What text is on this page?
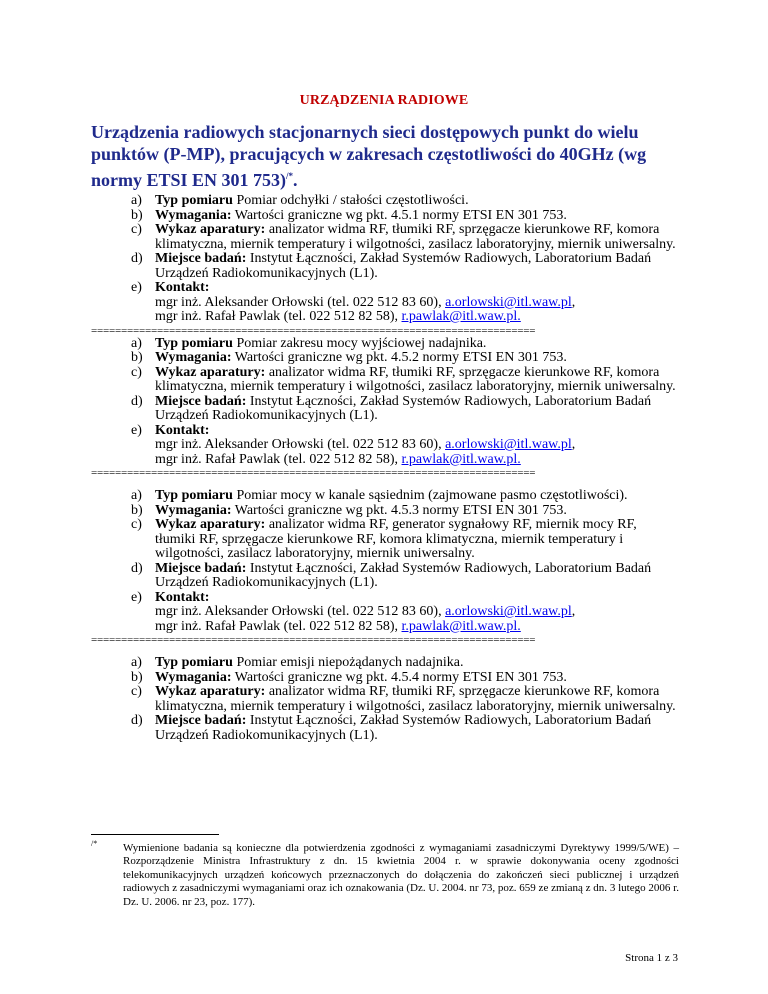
URZĄDZENIA RADIOWE
Urządzenia radiowych stacjonarnych sieci dostępowych punkt do wielu punktów (P-MP), pracujących w zakresach częstotliwości do 40GHz (wg normy ETSI EN 301 753)/*.
a) Typ pomiaru Pomiar odchyłki / stałości częstotliwości.
b) Wymagania: Wartości graniczne wg pkt. 4.5.1 normy ETSI EN 301 753.
c) Wykaz aparatury: analizator widma RF, tłumiki RF, sprzęgacze kierunkowe RF, komora klimatyczna, miernik temperatury i wilgotności, zasilacz laboratoryjny, miernik uniwersalny.
d) Miejsce badań: Instytut Łączności, Zakład Systemów Radiowych, Laboratorium Badań Urządzeń Radiokomunikacyjnych (L1).
e) Kontakt:
mgr inż. Aleksander Orłowski (tel. 022 512 83 60), a.orlowski@itl.waw.pl,
mgr inż. Rafał Pawlak (tel. 022 512 82 58), r.pawlak@itl.waw.pl.
==========================================================================
a) Typ pomiaru Pomiar zakresu mocy wyjściowej nadajnika.
b) Wymagania: Wartości graniczne wg pkt. 4.5.2 normy ETSI EN 301 753.
c) Wykaz aparatury: analizator widma RF, tłumiki RF, sprzęgacze kierunkowe RF, komora klimatyczna, miernik temperatury i wilgotności, zasilacz laboratoryjny, miernik uniwersalny.
d) Miejsce badań: Instytut Łączności, Zakład Systemów Radiowych, Laboratorium Badań Urządzeń Radiokomunikacyjnych (L1).
e) Kontakt:
mgr inż. Aleksander Orłowski (tel. 022 512 83 60), a.orlowski@itl.waw.pl,
mgr inż. Rafał Pawlak (tel. 022 512 82 58), r.pawlak@itl.waw.pl.
==========================================================================
a) Typ pomiaru Pomiar mocy w kanale sąsiednim (zajmowane pasmo częstotliwości).
b) Wymagania: Wartości graniczne wg pkt. 4.5.3 normy ETSI EN 301 753.
c) Wykaz aparatury: analizator widma RF, generator sygnałowy RF, miernik mocy RF, tłumiki RF, sprzęgacze kierunkowe RF, komora klimatyczna, miernik temperatury i wilgotności, zasilacz laboratoryjny, miernik uniwersalny.
d) Miejsce badań: Instytut Łączności, Zakład Systemów Radiowych, Laboratorium Badań Urządzeń Radiokomunikacyjnych (L1).
e) Kontakt:
mgr inż. Aleksander Orłowski (tel. 022 512 83 60), a.orlowski@itl.waw.pl,
mgr inż. Rafał Pawlak (tel. 022 512 82 58), r.pawlak@itl.waw.pl.
==========================================================================
a) Typ pomiaru Pomiar emisji niepożądanych nadajnika.
b) Wymagania: Wartości graniczne wg pkt. 4.5.4 normy ETSI EN 301 753.
c) Wykaz aparatury: analizator widma RF, tłumiki RF, sprzęgacze kierunkowe RF, komora klimatyczna, miernik temperatury i wilgotności, zasilacz laboratoryjny, miernik uniwersalny.
d) Miejsce badań: Instytut Łączności, Zakład Systemów Radiowych, Laboratorium Badań Urządzeń Radiokomunikacyjnych (L1).
/* Wymienione badania są konieczne dla potwierdzenia zgodności z wymaganiami zasadniczymi Dyrektywy 1999/5/WE) – Rozporządzenie Ministra Infrastruktury z dn. 15 kwietnia 2004 r. w sprawie dokonywania oceny zgodności telekomunikacyjnych urządzeń końcowych przeznaczonych do dołączenia do zakończeń sieci publicznej i urządzeń radiowych z zasadniczymi wymaganiami oraz ich oznakowania (Dz. U. 2004. nr 73, poz. 659 ze zmianą z dn. 3 lutego 2006 r. Dz. U. 2006. nr 23, poz. 177).
Strona 1 z 3
